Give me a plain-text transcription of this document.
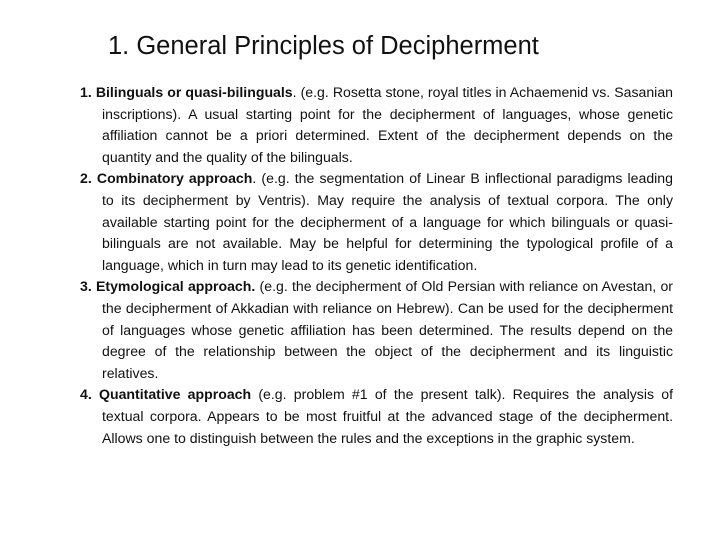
1. General Principles of Decipherment
1. Bilinguals or quasi-bilinguals. (e.g. Rosetta stone, royal titles in Achaemenid vs. Sasanian inscriptions). A usual starting point for the decipherment of languages, whose genetic affiliation cannot be a priori determined. Extent of the decipherment depends on the quantity and the quality of the bilinguals.
2. Combinatory approach. (e.g. the segmentation of Linear B inflectional paradigms leading to its decipherment by Ventris). May require the analysis of textual corpora. The only available starting point for the decipherment of a language for which bilinguals or quasi-bilinguals are not available. May be helpful for determining the typological profile of a language, which in turn may lead to its genetic identification.
3. Etymological approach. (e.g. the decipherment of Old Persian with reliance on Avestan, or the decipherment of Akkadian with reliance on Hebrew). Can be used for the decipherment of languages whose genetic affiliation has been determined. The results depend on the degree of the relationship between the object of the decipherment and its linguistic relatives.
4. Quantitative approach (e.g. problem #1 of the present talk). Requires the analysis of textual corpora. Appears to be most fruitful at the advanced stage of the decipherment. Allows one to distinguish between the rules and the exceptions in the graphic system.
